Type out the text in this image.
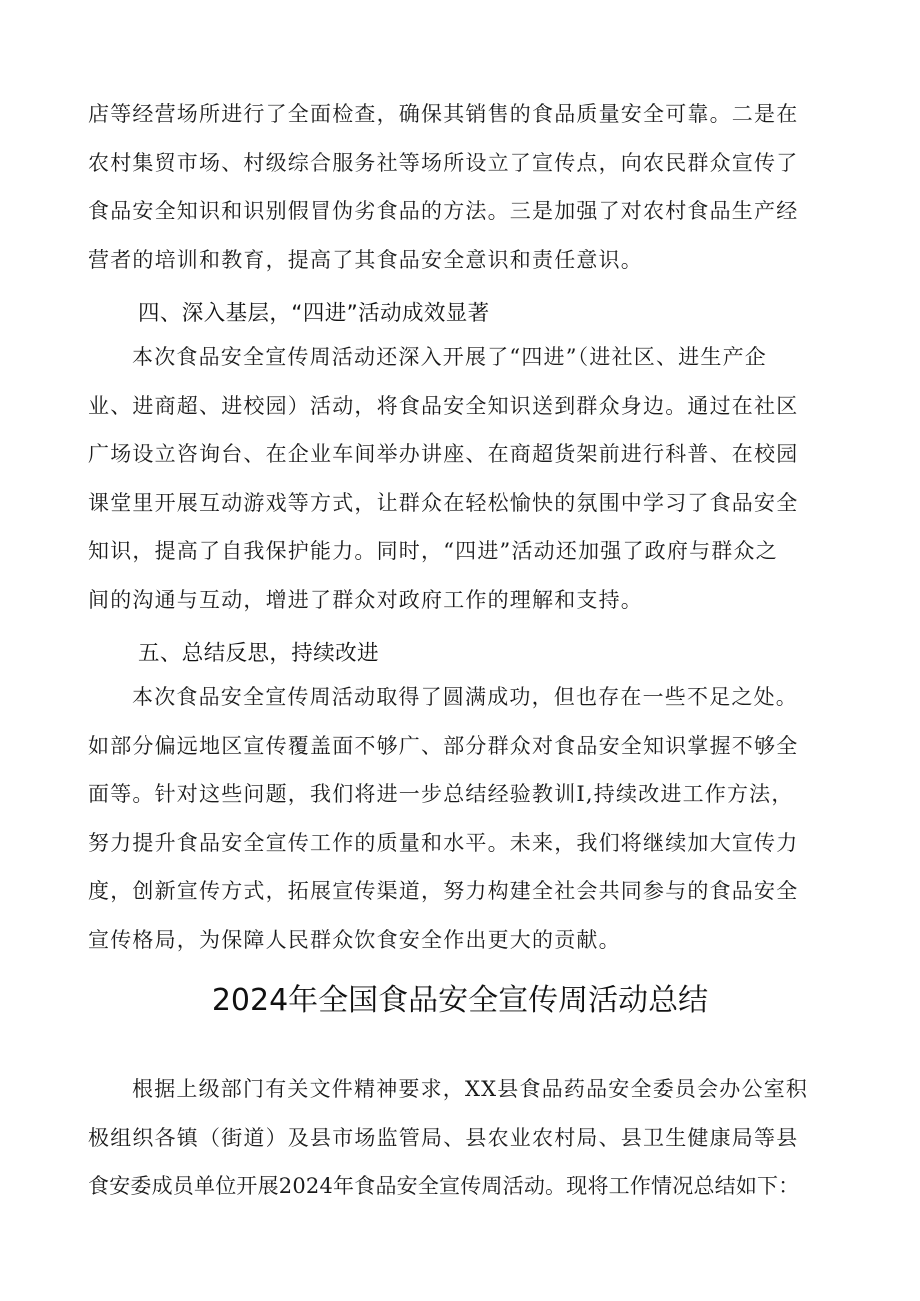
店等经营场所进行了全面检查，确保其销售的食品质量安全可靠。二是在
农村集贸市场、村级综合服务社等场所设立了宣传点，向农民群众宣传了
食品安全知识和识别假冒伪劣食品的方法。三是加强了对农村食品生产经
营者的培训和教育，提高了其食品安全意识和责任意识。
四、深入基层，“四进”活动成效显著
本次食品安全宣传周活动还深入开展了“四进”（进社区、进生产企
业、进商超、进校园）活动，将食品安全知识送到群众身边。通过在社区
广场设立咨询台、在企业车间举办讲座、在商超货架前进行科普、在校园
课堂里开展互动游戏等方式，让群众在轻松愉快的氛围中学习了食品安全
知识，提高了自我保护能力。同时，“四进”活动还加强了政府与群众之
间的沟通与互动，增进了群众对政府工作的理解和支持。
五、总结反思，持续改进
本次食品安全宣传周活动取得了圆满成功，但也存在一些不足之处。
如部分偏远地区宣传覆盖面不够广、部分群众对食品安全知识掌握不够全
面等。针对这些问题，我们将进一步总结经验教训I,持续改进工作方法，
努力提升食品安全宣传工作的质量和水平。未来，我们将继续加大宣传力
度，创新宣传方式，拓展宣传渠道，努力构建全社会共同参与的食品安全
宣传格局，为保障人民群众饮食安全作出更大的贡献。
2024年全国食品安全宣传周活动总结
根据上级部门有关文件精神要求，XX县食品药品安全委员会办公室积
极组织各镇（街道）及县市场监管局、县农业农村局、县卫生健康局等县
食安委成员单位开展2024年食品安全宣传周活动。现将工作情况总结如下：
